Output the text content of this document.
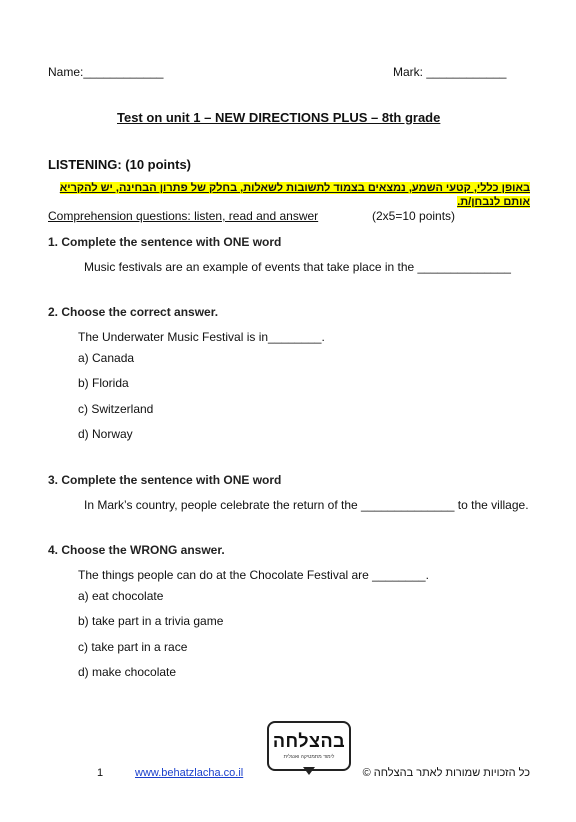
Name:____________	Mark: ____________
Test on unit 1 – NEW DIRECTIONS PLUS – 8th grade
LISTENING: (10 points)
באופן כללי, קטעי השמע, נמצאים בצמוד לתשובות לשאלות, בחלק של פתרון הבחינה, יש להקריא
אותם לנבחן/ת.
Comprehension questions: listen, read and answer	(2x5=10 points)
1. Complete the sentence with ONE word
Music festivals are an example of events that take place in the ______________
2. Choose the correct answer.
The Underwater Music Festival is in________.
a) Canada
b) Florida
c) Switzerland
d) Norway
3. Complete the sentence with ONE word
In Mark’s country, people celebrate the return of the ______________ to the village.
4. Choose the WRONG answer.
The things people can do at the Chocolate Festival are ________.
a) eat chocolate
b) take part in a trivia game
c) take part in a race
d) make chocolate
בהצלחה
לימוד מתמטיקה ואנגלית
1	www.behatzlacha.co.il	כל הזכויות שמורות לאתר בהצלחה ©
